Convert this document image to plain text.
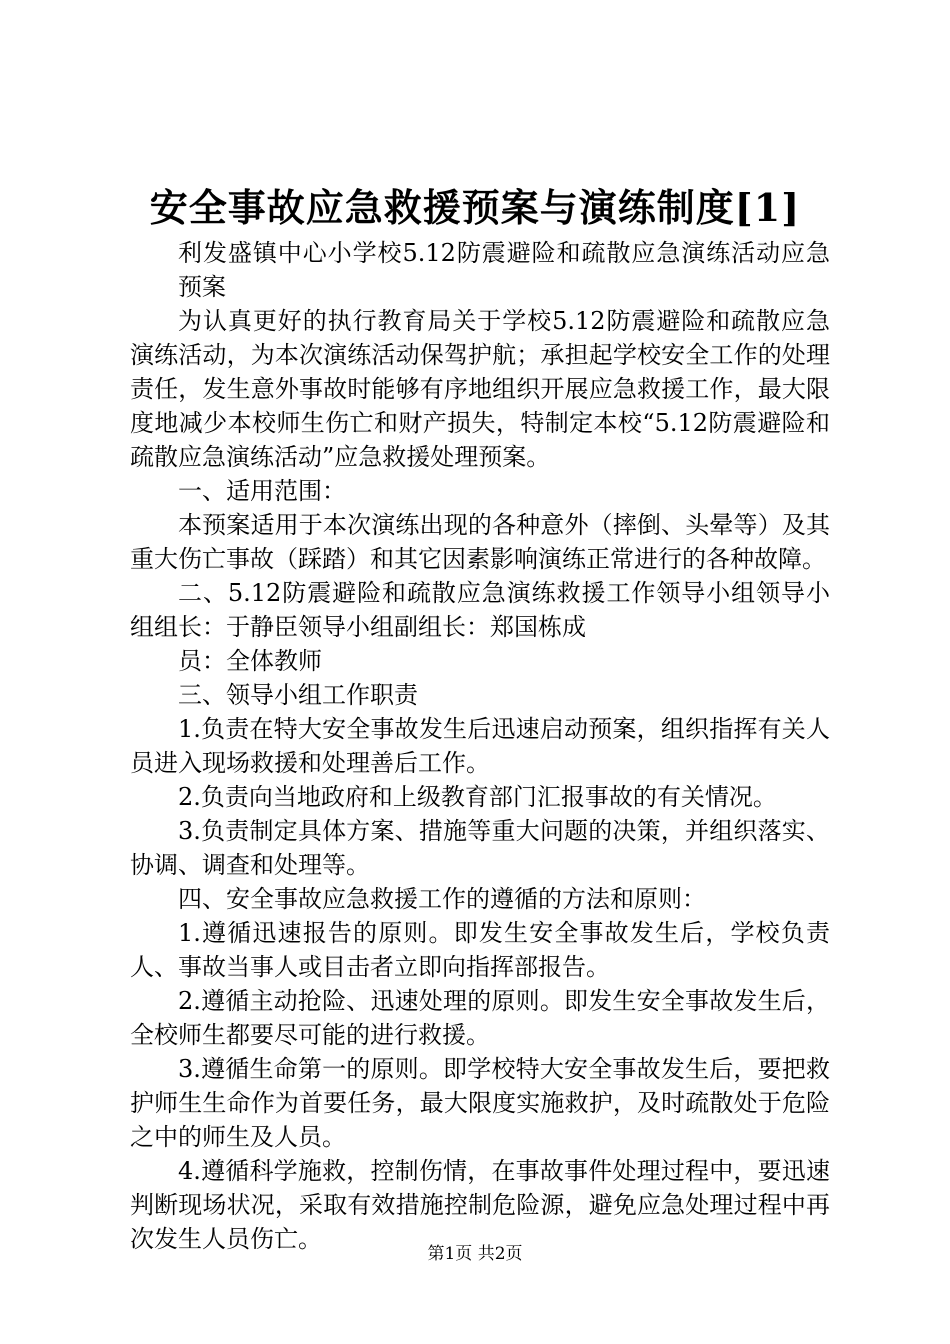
安全事故应急救援预案与演练制度[1]

利发盛镇中心小学校5.12防震避险和疏散应急演练活动应急预案

为认真更好的执行教育局关于学校5.12防震避险和疏散应急演练活动，为本次演练活动保驾护航；承担起学校安全工作的处理责任，发生意外事故时能够有序地组织开展应急救援工作，最大限度地减少本校师生伤亡和财产损失，特制定本校“5.12防震避险和疏散应急演练活动”应急救援处理预案。

一、适用范围：

本预案适用于本次演练出现的各种意外（摔倒、头晕等）及其重大伤亡事故（踩踏）和其它因素影响演练正常进行的各种故障。

二、5.12防震避险和疏散应急演练救援工作领导小组领导小组组长：于静臣领导小组副组长：郑国栋成

员：全体教师

三、领导小组工作职责

1.负责在特大安全事故发生后迅速启动预案，组织指挥有关人员进入现场救援和处理善后工作。

2.负责向当地政府和上级教育部门汇报事故的有关情况。

3.负责制定具体方案、措施等重大问题的决策，并组织落实、协调、调查和处理等。

四、安全事故应急救援工作的遵循的方法和原则：

1.遵循迅速报告的原则。即发生安全事故发生后，学校负责人、事故当事人或目击者立即向指挥部报告。

2.遵循主动抢险、迅速处理的原则。即发生安全事故发生后，全校师生都要尽可能的进行救援。

3.遵循生命第一的原则。即学校特大安全事故发生后，要把救护师生生命作为首要任务，最大限度实施救护，及时疏散处于危险之中的师生及人员。

4.遵循科学施救，控制伤情，在事故事件处理过程中，要迅速判断现场状况，采取有效措施控制危险源，避免应急处理过程中再次发生人员伤亡。

第1页 共2页
